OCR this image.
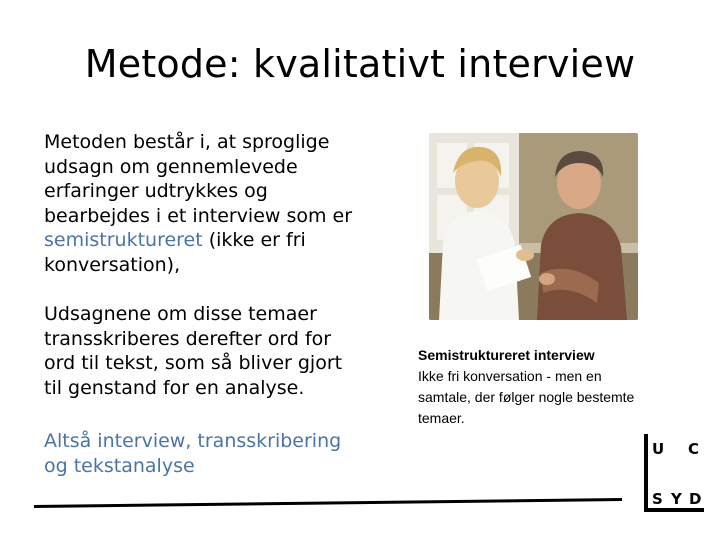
Metode: kvalitativt interview
Metoden består i, at sproglige udsagn om gennemlevede erfaringer udtrykkes og bearbejdes i et interview som er semistruktureret (ikke er fri konversation),
Udsagnene om disse temaer transskriberes derefter ord for ord til tekst, som så bliver gjort til genstand for en analyse.
Altså interview, transskribering og tekstanalyse
Semistruktureret interview
Ikke fri konversation - men en samtale, der følger nogle bestemte temaer.
U C
S Y D
